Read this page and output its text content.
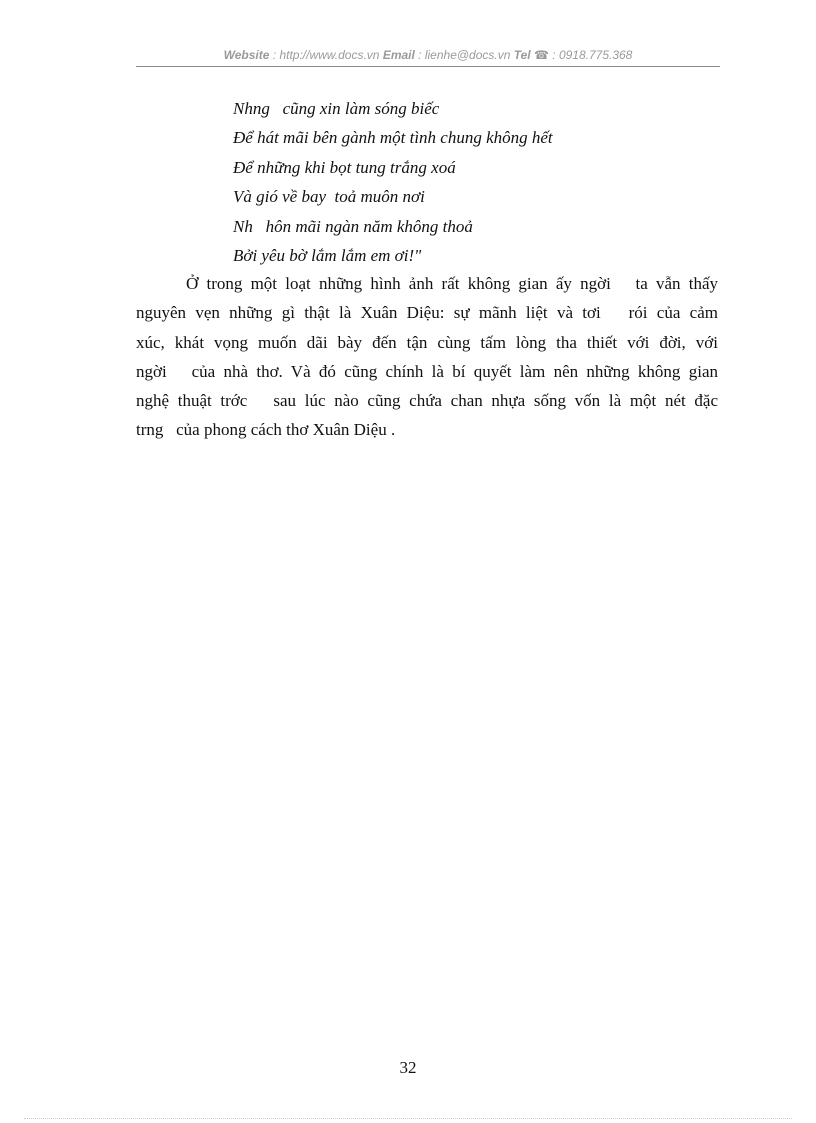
Website : http://www.docs.vn Email : lienhe@docs.vn Tel ☎ : 0918.775.368
Nhng   cũng xin làm sóng biếc
Để hát mãi bên gành một tình chung không hết
Để những khi bọt tung trắng xoá
Và gió về bay  toả muôn nơi
Nh   hôn mãi ngàn năm không thoả
Bởi yêu bờ lắm lắm em ơi!"
Ở trong một loạt những hình ảnh rất không gian ấy ngời   ta vẫn thấy
nguyên vẹn những gì thật là Xuân Diệu: sự mãnh liệt và tơi   rói của cảm
xúc, khát vọng muốn dãi bày đến tận cùng tấm lòng tha thiết với đời, với
ngời   của nhà thơ. Và đó cũng chính là bí quyết làm nên những không gian
nghệ thuật trớc   sau lúc nào cũng chứa chan nhựa sống vốn là một nét đặc
trng   của phong cách thơ Xuân Diệu .
32
